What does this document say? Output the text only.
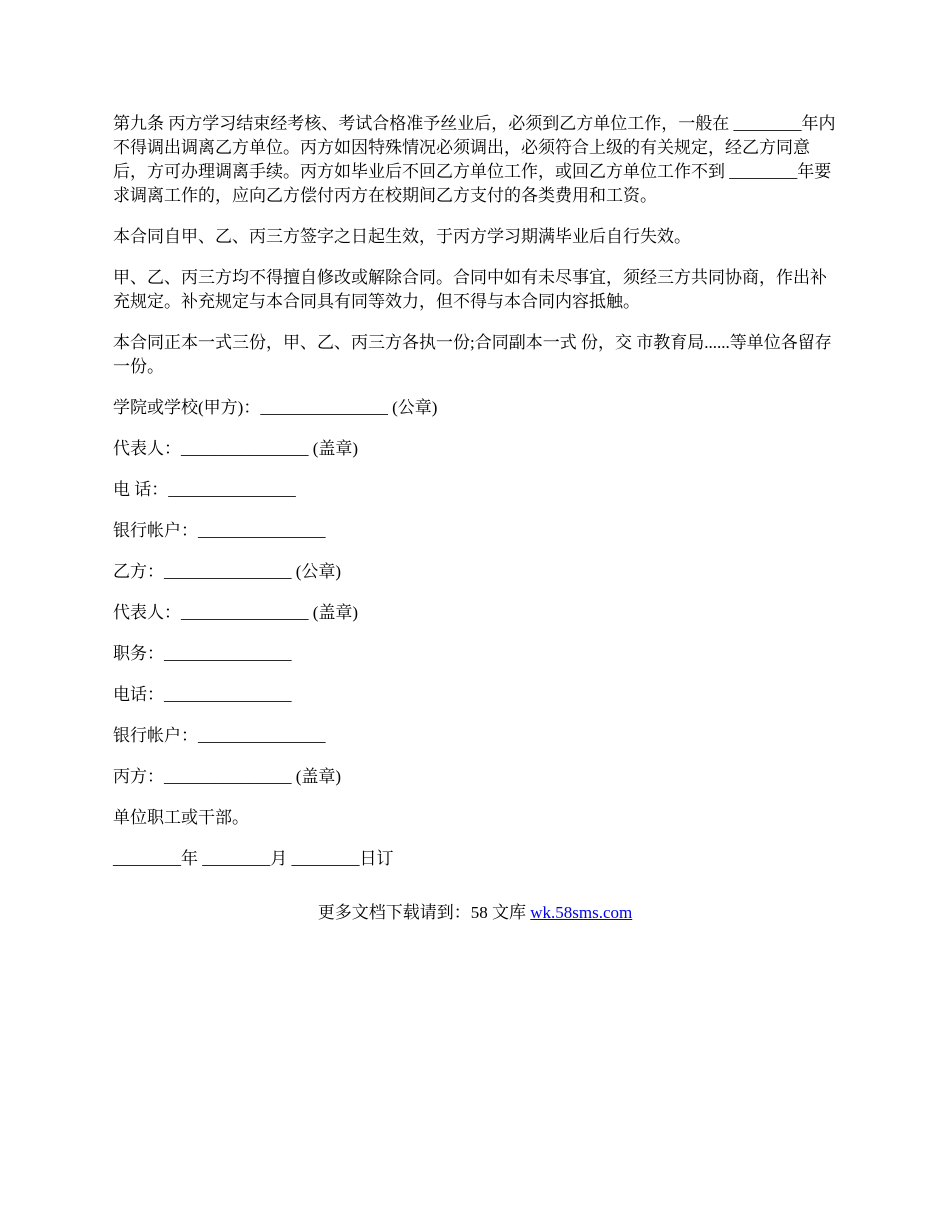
第九条 丙方学习结束经考核、考试合格准予丝业后，必须到乙方单位工作，一般在 ________年内不得调出调离乙方单位。丙方如因特殊情况必须调出，必须符合上级的有关规定，经乙方同意后，方可办理调离手续。丙方如毕业后不回乙方单位工作，或回乙方单位工作不到 ________年要求调离工作的，应向乙方偿付丙方在校期间乙方支付的各类费用和工资。

本合同自甲、乙、丙三方签字之日起生效，于丙方学习期满毕业后自行失效。

甲、乙、丙三方均不得擅自修改或解除合同。合同中如有未尽事宜，须经三方共同协商，作出补充规定。补充规定与本合同具有同等效力，但不得与本合同内容抵触。

本合同正本一式三份，甲、乙、丙三方各执一份;合同副本一式 份，交 市教育局......等单位各留存一份。

学院或学校(甲方)：_______________ (公章)

代表人：_______________ (盖章)

电 话：_______________

银行帐户：_______________

乙方：_______________ (公章)

代表人：_______________ (盖章)

职务：_______________

电话：_______________

银行帐户：_______________

丙方：_______________ (盖章)

单位职工或干部。

________年 ________月 ________日订

更多文档下载请到：58 文库 wk.58sms.com
